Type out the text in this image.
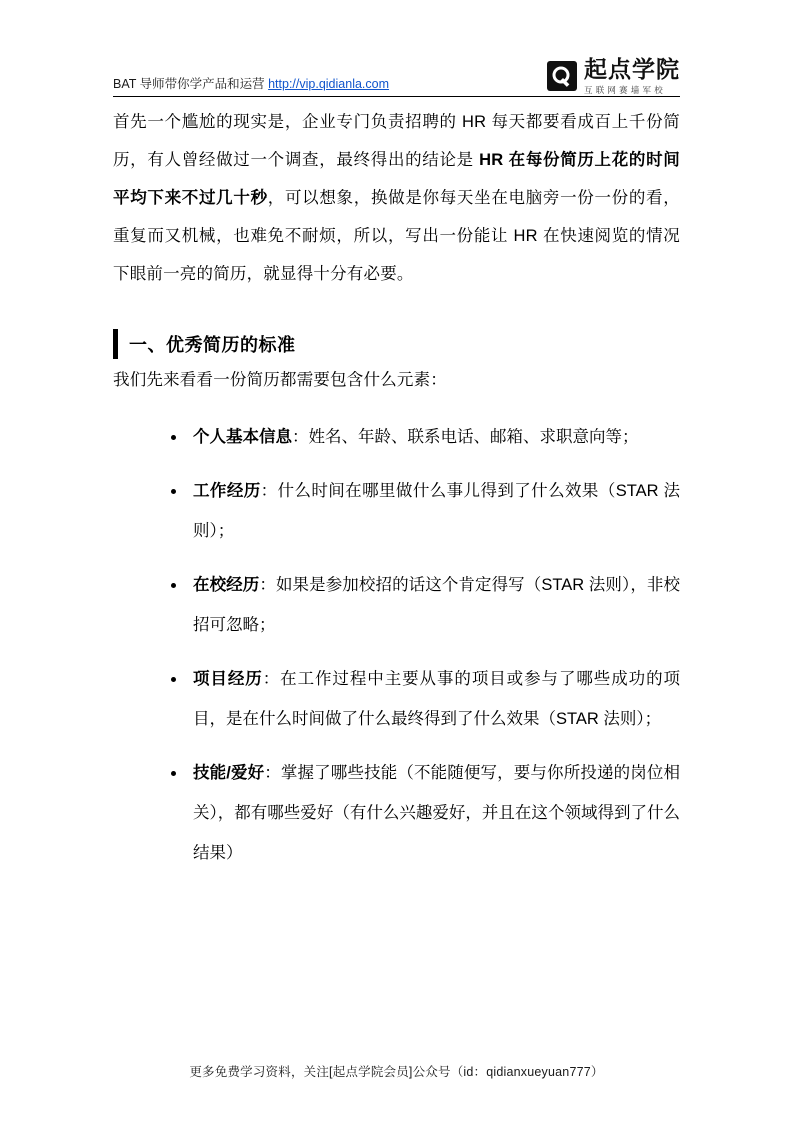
BAT 导师带你学产品和运营 http://vip.qidianla.com
起点学院
互联网赛墙军校

首先一个尴尬的现实是，企业专门负责招聘的 HR 每天都要看成百上千份简历，有人曾经做过一个调查，最终得出的结论是 HR 在每份简历上花的时间平均下来不过几十秒，可以想象，换做是你每天坐在电脑旁一份一份的看，重复而又机械，也难免不耐烦，所以，写出一份能让 HR 在快速阅览的情况下眼前一亮的简历，就显得十分有必要。

一、优秀简历的标准

我们先来看看一份简历都需要包含什么元素：

个人基本信息：姓名、年龄、联系电话、邮箱、求职意向等；
工作经历：什么时间在哪里做什么事儿得到了什么效果（STAR 法则）；
在校经历：如果是参加校招的话这个肯定得写（STAR 法则），非校招可忽略；
项目经历：在工作过程中主要从事的项目或参与了哪些成功的项目，是在什么时间做了什么最终得到了什么效果（STAR 法则）；
技能/爱好：掌握了哪些技能（不能随便写，要与你所投递的岗位相关），都有哪些爱好（有什么兴趣爱好，并且在这个领域得到了什么结果）
更多免费学习资料，关注[起点学院会员]公众号（id：qidianxueyuan777）
